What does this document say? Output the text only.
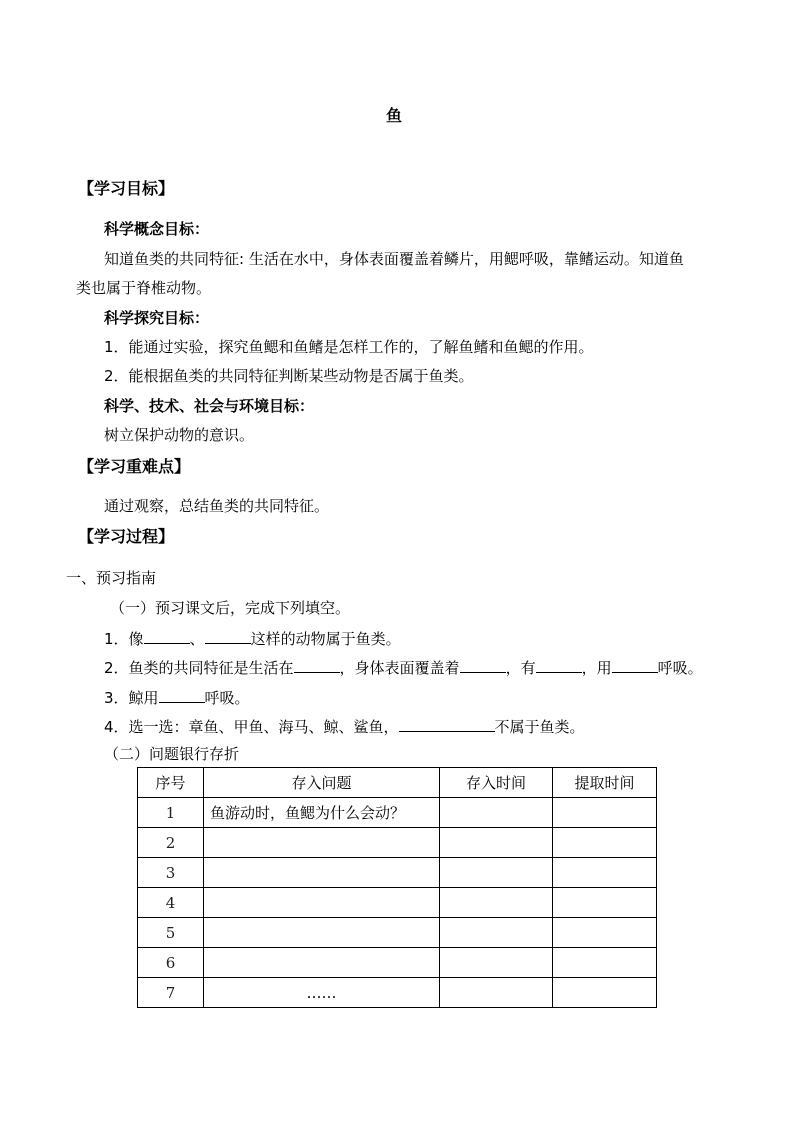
鱼
【学习目标】
科学概念目标：
知道鱼类的共同特征: 生活在水中，身体表面覆盖着鳞片，用鳃呼吸，靠鳍运动。知道鱼
类也属于脊椎动物。
科学探究目标：
1．能通过实验，探究鱼鳃和鱼鳍是怎样工作的，了解鱼鳍和鱼鳃的作用。
2．能根据鱼类的共同特征判断某些动物是否属于鱼类。
科学、技术、社会与环境目标：
树立保护动物的意识。
【学习重难点】
通过观察，总结鱼类的共同特征。
【学习过程】
一、预习指南
（一）预习课文后，完成下列填空。
1．像	、	这样的动物属于鱼类。
2．鱼类的共同特征是生活在	，身体表面覆盖着	，有	，用	呼吸。
3．鲸用	呼吸。
4．选一选：章鱼、甲鱼、海马、鲸、鲨鱼，	不属于鱼类。
（二）问题银行存折
序号	存入问题	存入时间	提取时间
1	鱼游动时，鱼鳃为什么会动？		
2			
3			
4			
5			
6			
7	……		
